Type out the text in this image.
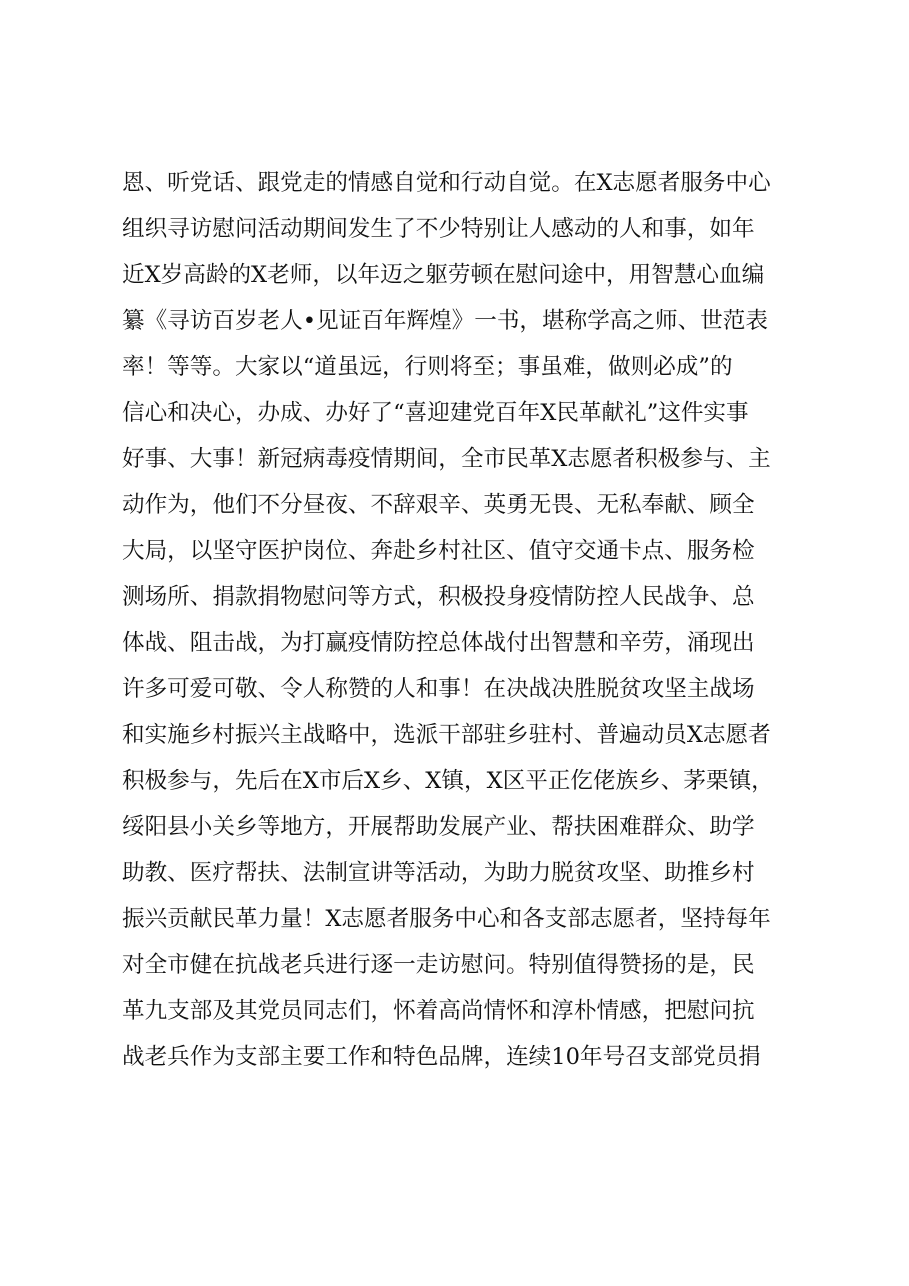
恩、听党话、跟党走的情感自觉和行动自觉。在X志愿者服务中心
组织寻访慰问活动期间发生了不少特别让人感动的人和事，如年
近X岁高龄的X老师，以年迈之躯劳顿在慰问途中，用智慧心血编
纂《寻访百岁老人•见证百年辉煌》一书，堪称学高之师、世范表
率！等等。大家以“道虽远，行则将至；事虽难，做则必成”的
信心和决心，办成、办好了“喜迎建党百年X民革献礼”这件实事
好事、大事！新冠病毒疫情期间，全市民革X志愿者积极参与、主
动作为，他们不分昼夜、不辞艰辛、英勇无畏、无私奉献、顾全
大局，以坚守医护岗位、奔赴乡村社区、值守交通卡点、服务检
测场所、捐款捐物慰问等方式，积极投身疫情防控人民战争、总
体战、阻击战，为打赢疫情防控总体战付出智慧和辛劳，涌现出
许多可爱可敬、令人称赞的人和事！在决战决胜脱贫攻坚主战场
和实施乡村振兴主战略中，选派干部驻乡驻村、普遍动员X志愿者
积极参与，先后在X市后X乡、X镇，X区平正仡佬族乡、茅栗镇，
绥阳县小关乡等地方，开展帮助发展产业、帮扶困难群众、助学
助教、医疗帮扶、法制宣讲等活动，为助力脱贫攻坚、助推乡村
振兴贡献民革力量！X志愿者服务中心和各支部志愿者，坚持每年
对全市健在抗战老兵进行逐一走访慰问。特别值得赞扬的是，民
革九支部及其党员同志们，怀着高尚情怀和淳朴情感，把慰问抗
战老兵作为支部主要工作和特色品牌，连续10年号召支部党员捐
